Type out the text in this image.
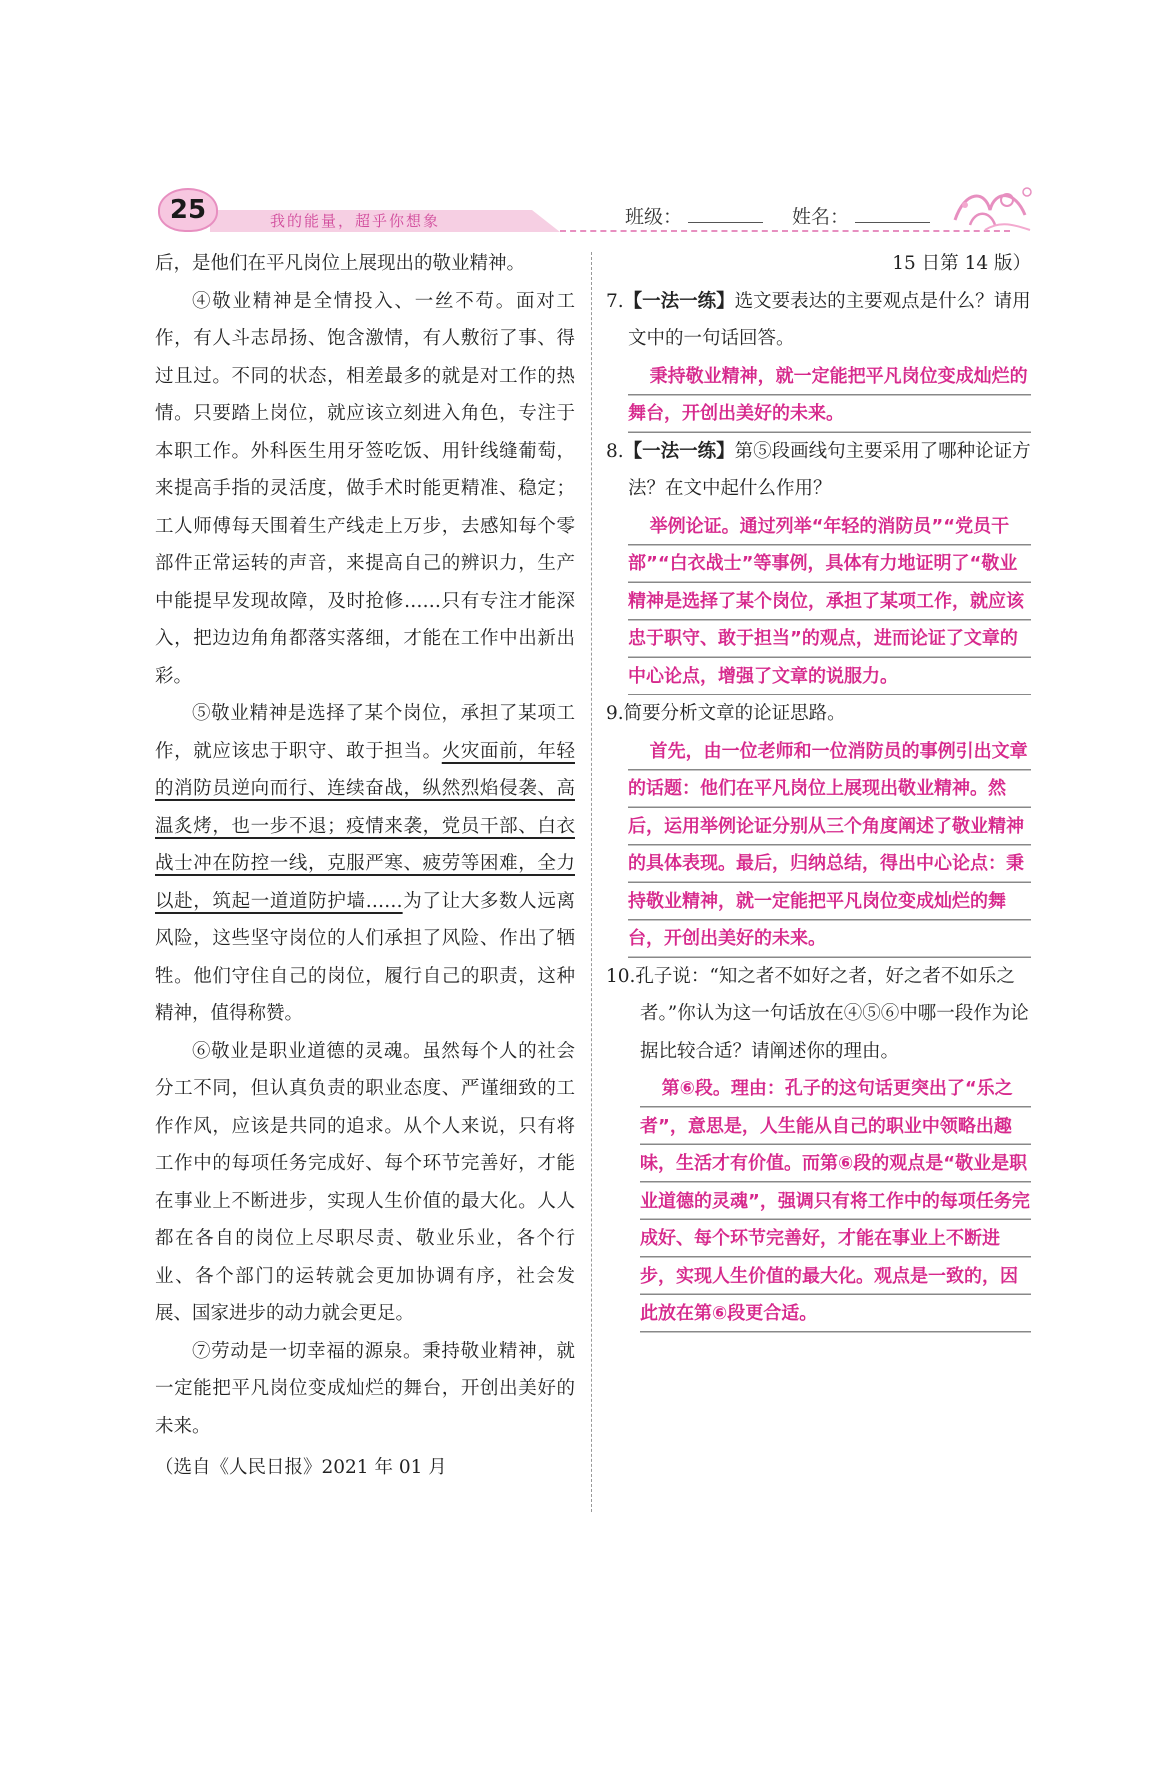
25	我的能量，超乎你想象	班级：	姓名：

后，是他们在平凡岗位上展现出的敬业精神。

④敬业精神是全情投入、一丝不苟。面对工作，有人斗志昂扬、饱含激情，有人敷衍了事、得过且过。不同的状态，相差最多的就是对工作的热情。只要踏上岗位，就应该立刻进入角色，专注于本职工作。外科医生用牙签吃饭、用针线缝葡萄，来提高手指的灵活度，做手术时能更精准、稳定；工人师傅每天围着生产线走上万步，去感知每个零部件正常运转的声音，来提高自己的辨识力，生产中能提早发现故障，及时抢修……只有专注才能深入，把边边角角都落实落细，才能在工作中出新出彩。

⑤敬业精神是选择了某个岗位，承担了某项工作，就应该忠于职守、敢于担当。火灾面前，年轻的消防员逆向而行、连续奋战，纵然烈焰侵袭、高温炙烤，也一步不退；疫情来袭，党员干部、白衣战士冲在防控一线，克服严寒、疲劳等困难，全力以赴，筑起一道道防护墙……为了让大多数人远离风险，这些坚守岗位的人们承担了风险、作出了牺牲。他们守住自己的岗位，履行自己的职责，这种精神，值得称赞。

⑥敬业是职业道德的灵魂。虽然每个人的社会分工不同，但认真负责的职业态度、严谨细致的工作作风，应该是共同的追求。从个人来说，只有将工作中的每项任务完成好、每个环节完善好，才能在事业上不断进步，实现人生价值的最大化。人人都在各自的岗位上尽职尽责、敬业乐业，各个行业、各个部门的运转就会更加协调有序，社会发展、国家进步的动力就会更足。

⑦劳动是一切幸福的源泉。秉持敬业精神，就一定能把平凡岗位变成灿烂的舞台，开创出美好的未来。

（选自《人民日报》2021 年 01 月

15 日第 14 版）

7.【一法一练】选文要表达的主要观点是什么？请用文中的一句话回答。

秉持敬业精神，就一定能把平凡岗位变成灿烂的舞台，开创出美好的未来。

8.【一法一练】第⑤段画线句主要采用了哪种论证方法？在文中起什么作用？

举例论证。通过列举“年轻的消防员”“党员干部”“白衣战士”等事例，具体有力地证明了“敬业精神是选择了某个岗位，承担了某项工作，就应该忠于职守、敢于担当”的观点，进而论证了文章的中心论点，增强了文章的说服力。

9.简要分析文章的论证思路。

首先，由一位老师和一位消防员的事例引出文章的话题：他们在平凡岗位上展现出敬业精神。然后，运用举例论证分别从三个角度阐述了敬业精神的具体表现。最后，归纳总结，得出中心论点：秉持敬业精神，就一定能把平凡岗位变成灿烂的舞台，开创出美好的未来。

10.孔子说：“知之者不如好之者，好之者不如乐之者。”你认为这一句话放在④⑤⑥中哪一段作为论据比较合适？请阐述你的理由。

第⑥段。理由：孔子的这句话更突出了“乐之者”，意思是，人生能从自己的职业中领略出趣味，生活才有价值。而第⑥段的观点是“敬业是职业道德的灵魂”，强调只有将工作中的每项任务完成好、每个环节完善好，才能在事业上不断进步，实现人生价值的最大化。观点是一致的，因此放在第⑥段更合适。
